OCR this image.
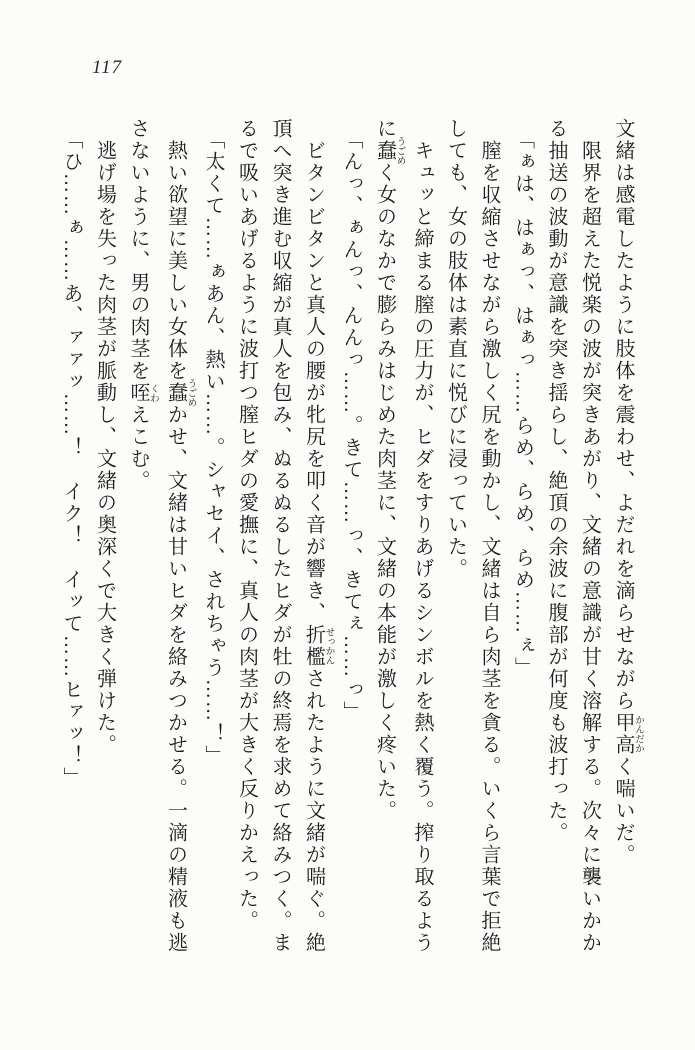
117

文緒は感電したように肢体を震わせ、よだれを滴らせながら甲高 かんだかく喘いだ。

限界を超えた悦楽の波が突きあがり、文緒の意識が甘く溶解する。次々に襲いかか

る抽送の波動が意識を突き揺らし、絶頂の余波に腹部が何度も波打った。

「ぁは、はぁっ、はぁっ……らめ、らめ、らめ……ぇ」

膣を収縮させながら激しく尻を動かし、文緒は自ら肉茎を貪る。いくら言葉で拒絶

しても、女の肢体は素直に悦びに浸っていた。

キュッと締まる膣の圧力が、ヒダをすりあげるシンボルを熱く覆う。搾り取るよう

に蠢 うごめく女のなかで膨らみはじめた肉茎に、文緒の本能が激しく疼いた。

「んっ、ぁんっ、んんっ……。きて……っ、きてぇ……っ」

ビタンビタンと真人の腰が牝尻を叩く音が響き、折檻 せっかんされたように文緒が喘ぐ。絶

頂へ突き進む収縮が真人を包み、ぬるぬるしたヒダが牡の終焉を求めて絡みつく。ま

るで吸いあげるように波打つ膣ヒダの愛撫に、真人の肉茎が大きく反りかえった。

「太くて……ぁあん、熱い……。シャセイ、されちゃう……！」

熱い欲望に美しい女体を蠢 うごめかせ、文緒は甘いヒダを絡みつかせる。一滴の精液も逃

さないように、男の肉茎を咥 くわえこむ。

逃げ場を失った肉茎が脈動し、文緒の奥深くで大きく弾けた。

「ひ……ぁ……あ、ァァッ……！　イク！　イッて……ヒァッ！」
